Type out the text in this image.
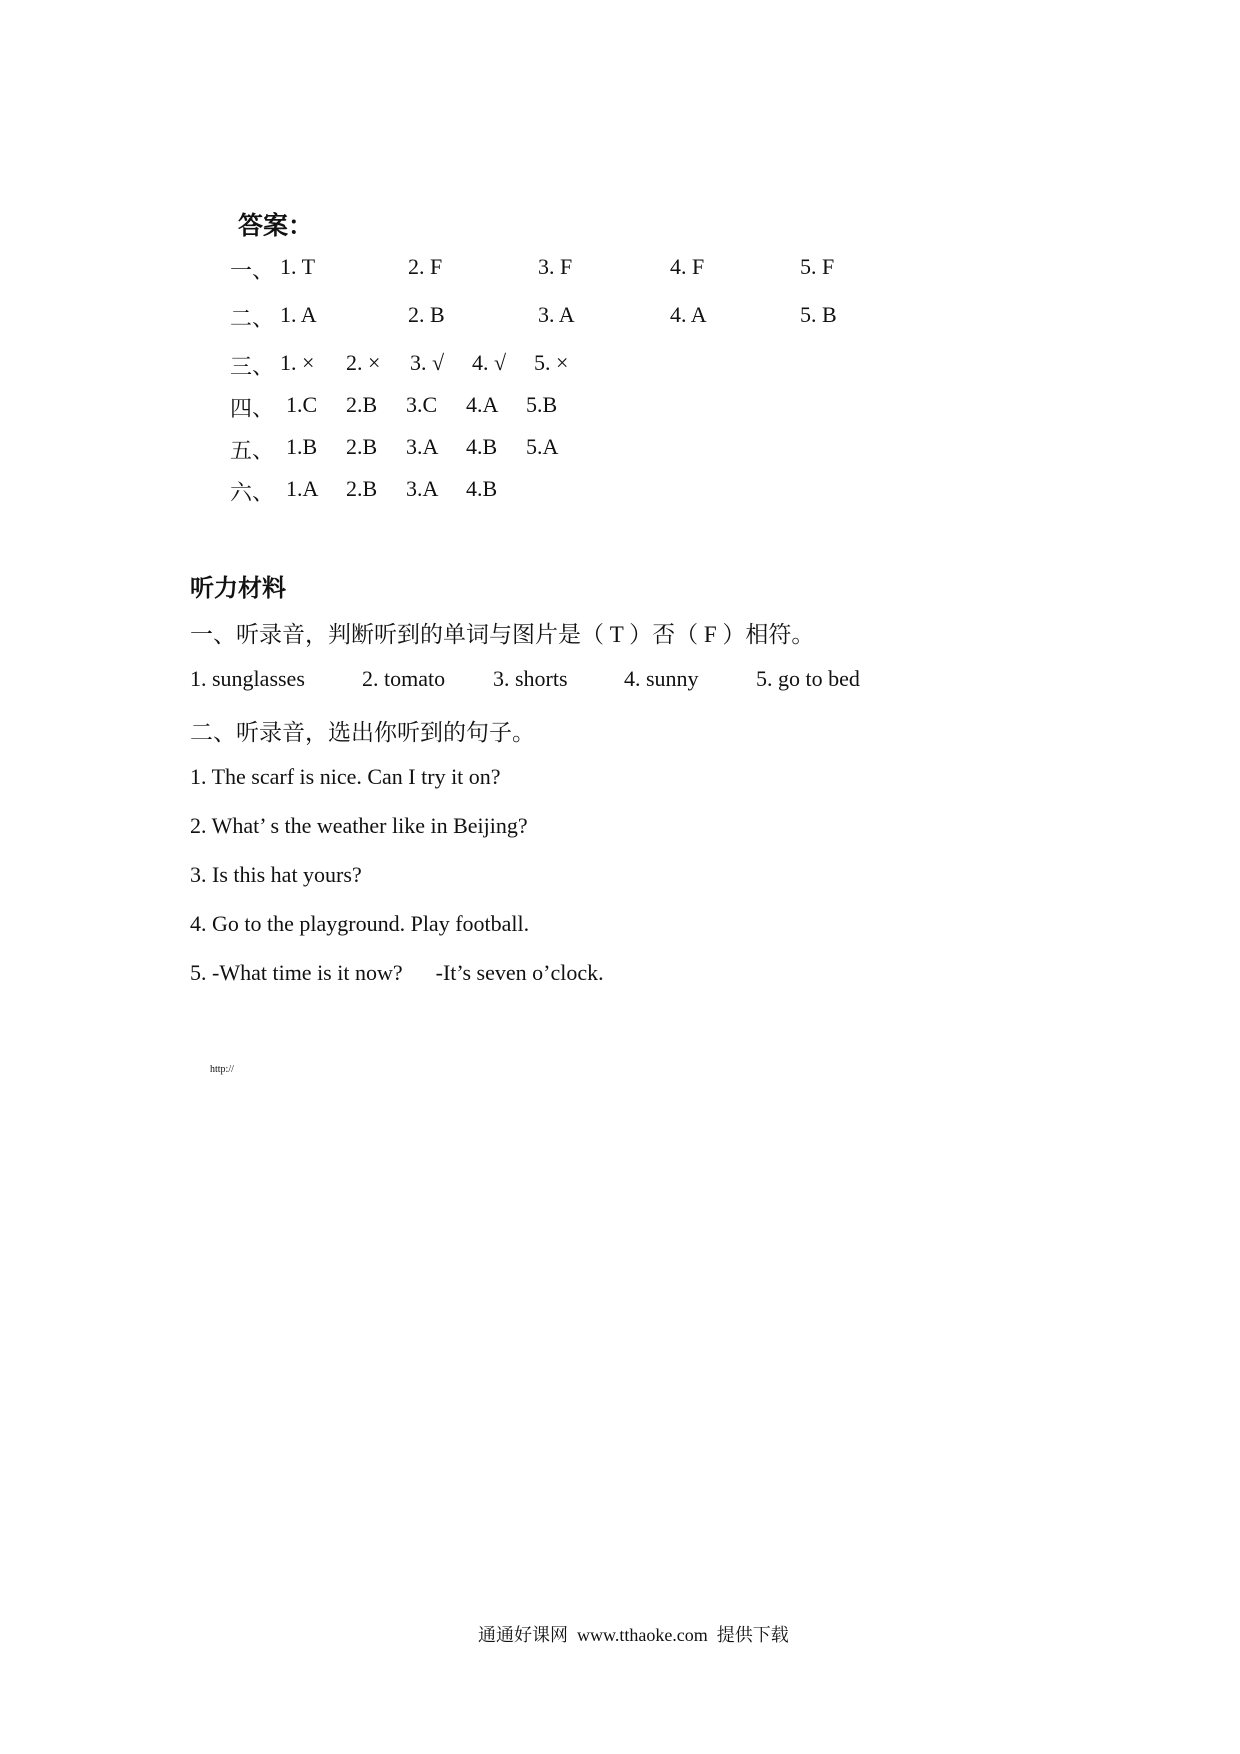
答案：
一、 1. T	2. F	3. F	4. F	5. F
二、 1. A	2. B	3. A	4. A	5. B
三、 1. × 2. × 3. √ 4. √ 5. ×
四、 1.C 2.B 3.C 4.A 5.B
五、 1.B 2.B 3.A 4.B 5.A
六、 1.A 2.B 3.A 4.B
听力材料
一、听录音，判断听到的单词与图片是（ T ）否（ F ）相符。
1. sunglasses	2. tomato 3. shorts	4. sunny	5. go to bed
二、听录音，选出你听到的句子。
1. The scarf is nice. Can I try it on?
2. What’ s the weather like in Beijing?
3. Is this hat yours?
4. Go to the playground. Play football.
5. -What time is it now?      -It’s seven o’clock.
http://
通通好课网  www.tthaoke.com  提供下载
